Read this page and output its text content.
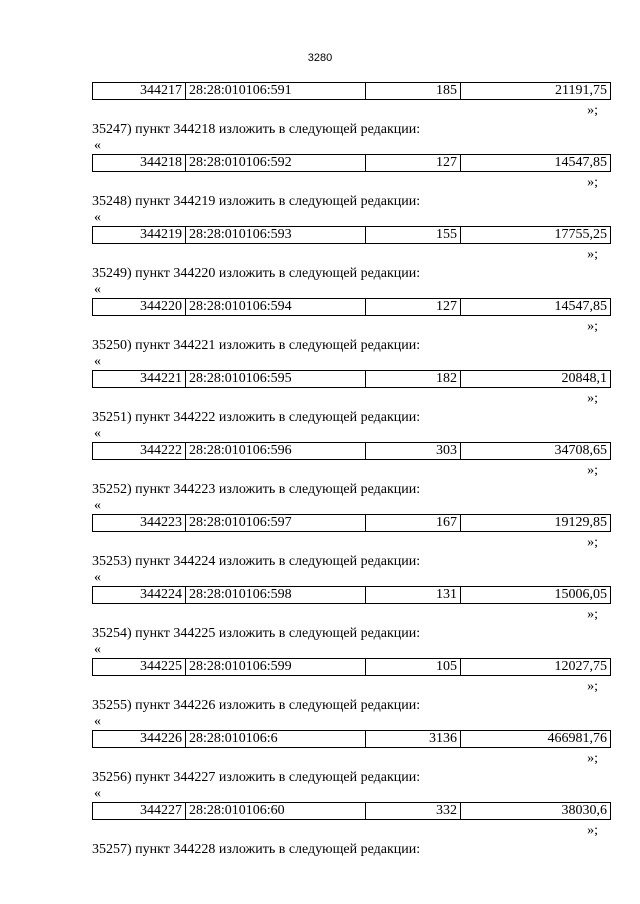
3280
344217	28:28:010106:591	185	21191,75
»;
35247) пункт 344218 изложить в следующей редакции:
«
344218	28:28:010106:592	127	14547,85
»;
35248) пункт 344219 изложить в следующей редакции:
«
344219	28:28:010106:593	155	17755,25
»;
35249) пункт 344220 изложить в следующей редакции:
«
344220	28:28:010106:594	127	14547,85
»;
35250) пункт 344221 изложить в следующей редакции:
«
344221	28:28:010106:595	182	20848,1
»;
35251) пункт 344222 изложить в следующей редакции:
«
344222	28:28:010106:596	303	34708,65
»;
35252) пункт 344223 изложить в следующей редакции:
«
344223	28:28:010106:597	167	19129,85
»;
35253) пункт 344224 изложить в следующей редакции:
«
344224	28:28:010106:598	131	15006,05
»;
35254) пункт 344225 изложить в следующей редакции:
«
344225	28:28:010106:599	105	12027,75
»;
35255) пункт 344226 изложить в следующей редакции:
«
344226	28:28:010106:6	3136	466981,76
»;
35256) пункт 344227 изложить в следующей редакции:
«
344227	28:28:010106:60	332	38030,6
»;
35257) пункт 344228 изложить в следующей редакции:
